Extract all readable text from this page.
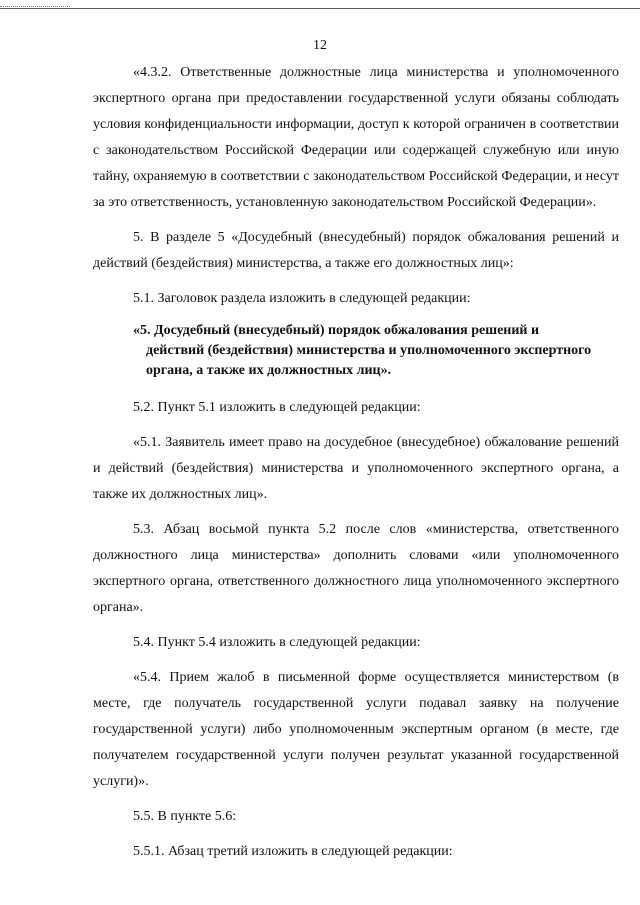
12

«4.3.2. Ответственные должностные лица министерства и уполномоченного экспертного органа при предоставлении государственной услуги обязаны соблюдать условия конфиденциальности информации, доступ к которой ограничен в соответствии с законодательством Российской Федерации или содержащей служебную или иную тайну, охраняемую в соответствии с законодательством Российской Федерации, и несут за это ответственность, установленную законодательством Российской Федерации».

5. В разделе 5 «Досудебный (внесудебный) порядок обжалования решений и действий (бездействия) министерства, а также его должностных лиц»:

5.1. Заголовок раздела изложить в следующей редакции:

«5. Досудебный (внесудебный) порядок обжалования решений и
действий (бездействия) министерства и уполномоченного экспертного органа, а также их должностных лиц».

5.2. Пункт 5.1 изложить в следующей редакции:

«5.1. Заявитель имеет право на досудебное (внесудебное) обжалование решений и действий (бездействия) министерства и уполномоченного экспертного органа, а также их должностных лиц».

5.3. Абзац восьмой пункта 5.2 после слов «министерства, ответственного должностного лица министерства» дополнить словами «или уполномоченного экспертного органа, ответственного должностного лица уполномоченного экспертного органа».

5.4. Пункт 5.4 изложить в следующей редакции:

«5.4. Прием жалоб в письменной форме осуществляется министерством (в месте, где получатель государственной услуги подавал заявку на получение государственной услуги) либо уполномоченным экспертным органом (в месте, где получателем государственной услуги получен результат указанной государственной услуги)».

5.5. В пункте 5.6:

5.5.1. Абзац третий изложить в следующей редакции:
